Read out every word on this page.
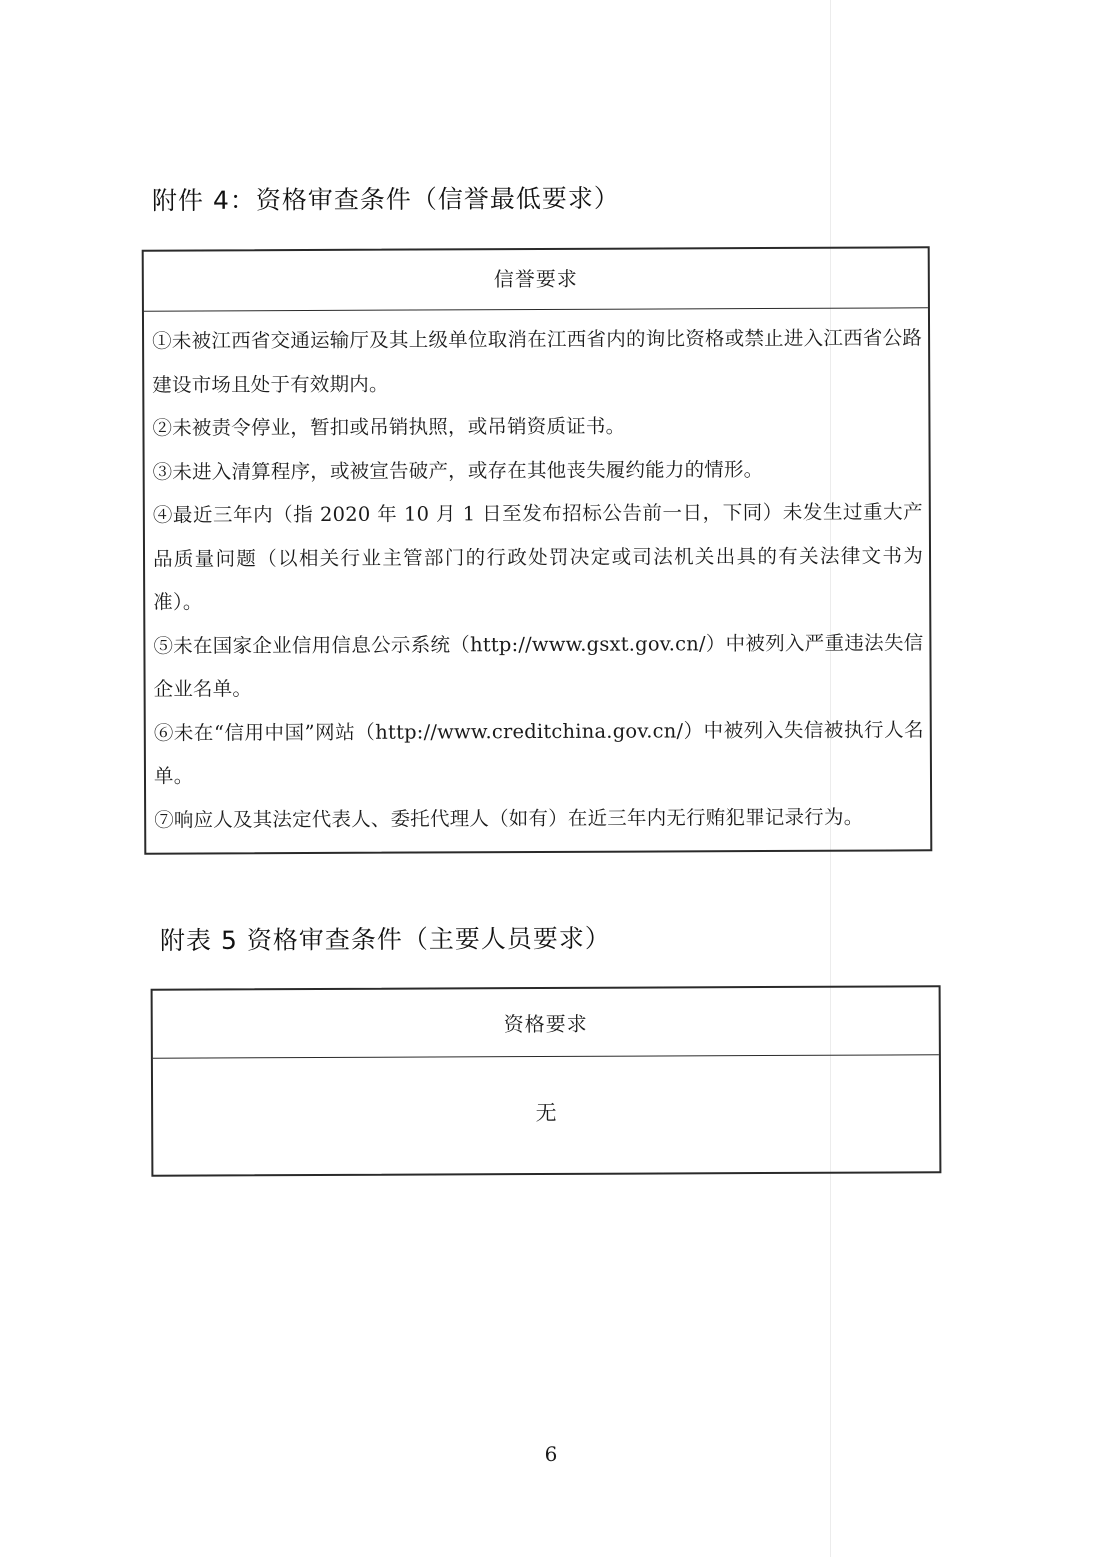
附件 4：资格审查条件（信誉最低要求）
信誉要求

①未被江西省交通运输厅及其上级单位取消在江西省内的询比资格或禁止进入江西省公路建设市场且处于有效期内。

②未被责令停业，暂扣或吊销执照，或吊销资质证书。

③未进入清算程序，或被宣告破产，或存在其他丧失履约能力的情形。

④最近三年内（指 2020 年 10 月 1 日至发布招标公告前一日，下同）未发生过重大产品质量问题（以相关行业主管部门的行政处罚决定或司法机关出具的有关法律文书为准）。

⑤未在国家企业信用信息公示系统（http://www.gsxt.gov.cn/）中被列入严重违法失信企业名单。

⑥未在“信用中国”网站（http://www.creditchina.gov.cn/）中被列入失信被执行人名单。

⑦响应人及其法定代表人、委托代理人（如有）在近三年内无行贿犯罪记录行为。

附表 5 资格审查条件（主要人员要求）
资格要求
无
6
